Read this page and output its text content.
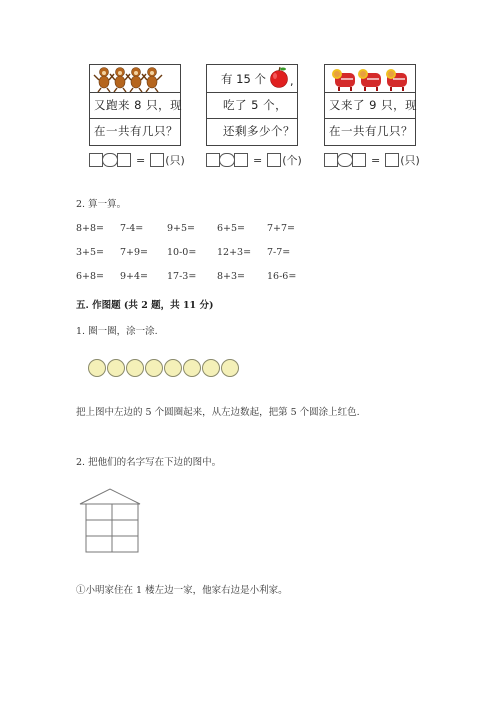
又跑来 8 只，现
在一共有几只？
有 15 个 ,
吃了 5 个，
还剩多少个？
又来了 9 只，现
在一共有几只？
= (只)	= (个)	= (只)
2. 算一算。
8+8= 7-4= 9+5= 6+5= 7+7=
3+5= 7+9= 10-0= 12+3= 7-7=
6+8= 9+4= 17-3= 8+3= 16-6=
五. 作图题 (共 2 题，共 11 分)
1. 圈一圈，涂一涂.
把上图中左边的 5 个圆圈起来，从左边数起，把第 5 个圆涂上红色.
2. 把他们的名字写在下边的图中。
①小明家住在 1 楼左边一家，他家右边是小利家。
